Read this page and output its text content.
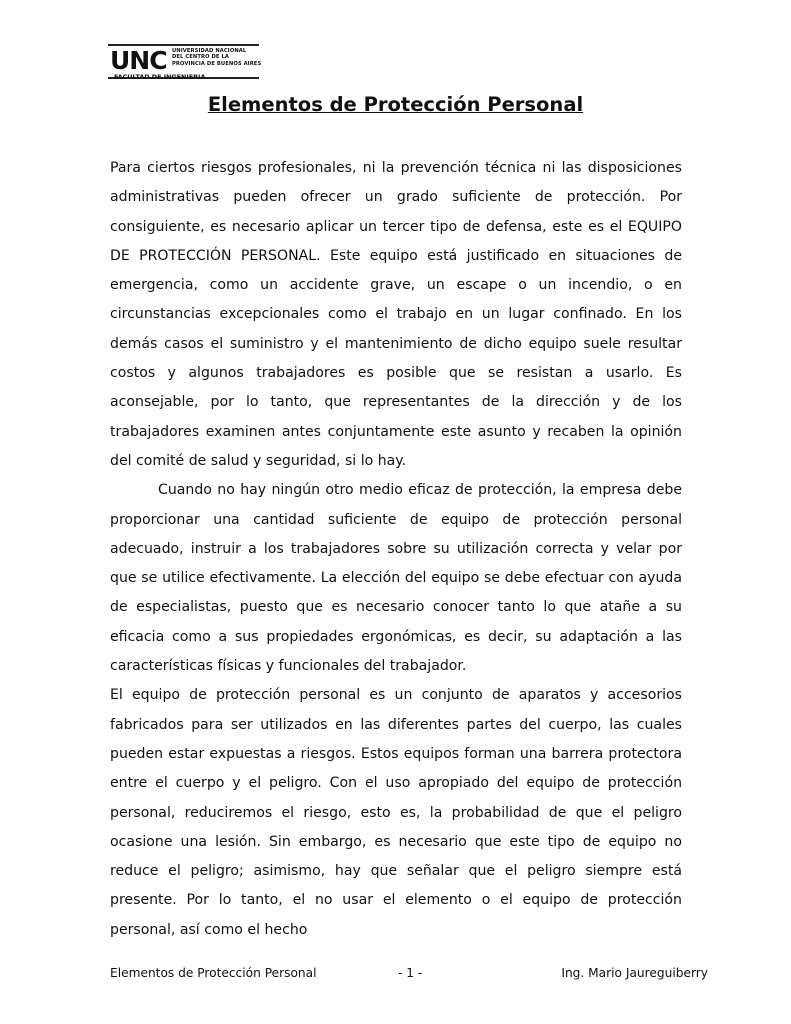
UNC	UNIVERSIDAD NACIONAL
DEL CENTRO DE LA
PROVINCIA DE BUENOS AIRES
FACULTAD DE INGENIERIA
Elementos de Protección Personal

Para ciertos riesgos profesionales, ni la prevención técnica ni las disposiciones administrativas pueden ofrecer un grado suficiente de protección. Por consiguiente, es necesario aplicar un tercer tipo de defensa, este es el EQUIPO DE PROTECCIÓN PERSONAL. Este equipo está justificado en situaciones de emergencia, como un accidente grave, un escape o un incendio, o en circunstancias excepcionales como el trabajo en un lugar confinado. En los demás casos el suministro y el mantenimiento de dicho equipo suele resultar costos y algunos trabajadores es posible que se resistan a usarlo. Es aconsejable, por lo tanto, que representantes de la dirección y de los trabajadores examinen antes conjuntamente este asunto y recaben la opinión del comité de salud y seguridad, si lo hay.

Cuando no hay ningún otro medio eficaz de protección, la empresa debe proporcionar una cantidad suficiente de equipo de protección personal adecuado, instruir a los trabajadores sobre su utilización correcta y velar por que se utilice efectivamente. La elección del equipo se debe efectuar con ayuda de especialistas, puesto que es necesario conocer tanto lo que atañe a su eficacia como a sus propiedades ergonómicas, es decir, su adaptación a las características físicas y funcionales del trabajador.

El equipo de protección personal es un conjunto de aparatos y accesorios fabricados para ser utilizados en las diferentes partes del cuerpo, las cuales pueden estar expuestas a riesgos. Estos equipos forman una barrera protectora entre el cuerpo y el peligro. Con el uso apropiado del equipo de protección personal, reduciremos el riesgo, esto es, la probabilidad de que el peligro ocasione una lesión. Sin embargo, es necesario que este tipo de equipo no reduce el peligro; asimismo, hay que señalar que el peligro siempre está presente. Por lo tanto, el no usar el elemento o el equipo de protección personal, así como el hecho

Elementos de Protección Personal	- 1 -	Ing. Mario Jaureguiberry
